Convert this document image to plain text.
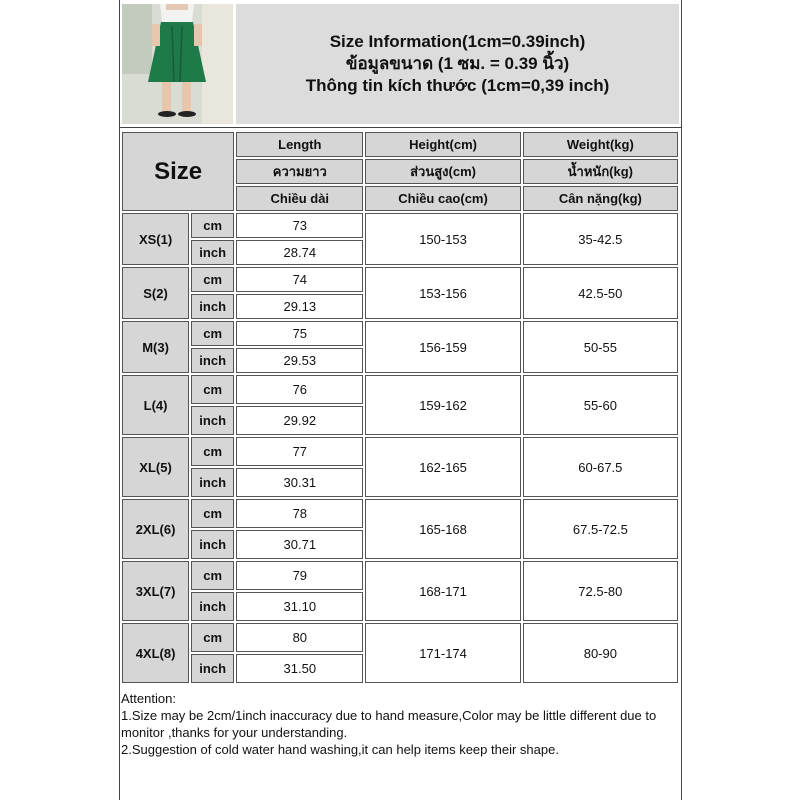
Size Information(1cm=0.39inch)
ข้อมูลขนาด (1 ซม. = 0.39 นิ้ว)
Thông tin kích thước (1cm=0,39 inch)
Size		Length	Height(cm)	Weight(kg)
		ความยาว	ส่วนสูง(cm)	น้ำหนัก(kg)
		Chiều dài	Chiều cao(cm)	Cân nặng(kg)
XS(1)	cm	73	150-153	35-42.5
	inch	28.74		
S(2)	cm	74	153-156	42.5-50
	inch	29.13		
M(3)	cm	75	156-159	50-55
	inch	29.53		
L(4)	cm	76	159-162	55-60
	inch	29.92		
XL(5)	cm	77	162-165	60-67.5
	inch	30.31		
2XL(6)	cm	78	165-168	67.5-72.5
	inch	30.71		
3XL(7)	cm	79	168-171	72.5-80
	inch	31.10		
4XL(8)	cm	80	171-174	80-90
	inch	31.50		

Attention:

1.Size may be 2cm/1inch inaccuracy due to hand measure,Color may be little different due to monitor ,thanks for your understanding.

2.Suggestion of cold water hand washing,it can help items keep their shape.
